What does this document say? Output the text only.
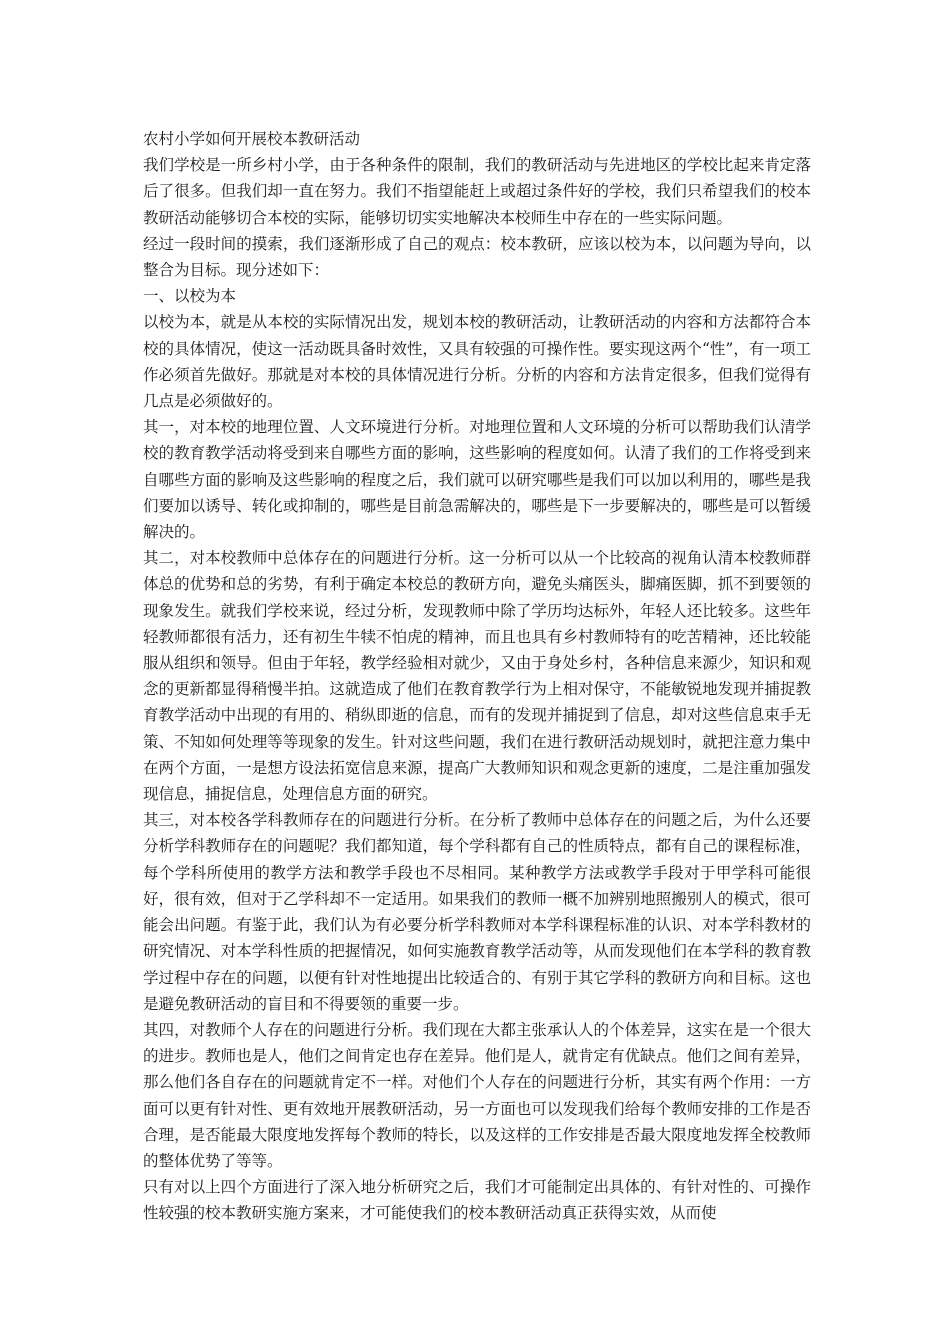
农村小学如何开展校本教研活动

我们学校是一所乡村小学，由于各种条件的限制，我们的教研活动与先进地区的学校比起来肯定落后了很多。但我们却一直在努力。我们不指望能赶上或超过条件好的学校，我们只希望我们的校本教研活动能够切合本校的实际，能够切切实实地解决本校师生中存在的一些实际问题。

经过一段时间的摸索，我们逐渐形成了自己的观点：校本教研，应该以校为本，以问题为导向，以整合为目标。现分述如下：

一、以校为本

以校为本，就是从本校的实际情况出发，规划本校的教研活动，让教研活动的内容和方法都符合本校的具体情况，使这一活动既具备时效性，又具有较强的可操作性。要实现这两个“性”，有一项工作必须首先做好。那就是对本校的具体情况进行分析。分析的内容和方法肯定很多，但我们觉得有几点是必须做好的。

其一，对本校的地理位置、人文环境进行分析。对地理位置和人文环境的分析可以帮助我们认清学校的教育教学活动将受到来自哪些方面的影响，这些影响的程度如何。认清了我们的工作将受到来自哪些方面的影响及这些影响的程度之后，我们就可以研究哪些是我们可以加以利用的，哪些是我们要加以诱导、转化或抑制的，哪些是目前急需解决的，哪些是下一步要解决的，哪些是可以暂缓解决的。

其二，对本校教师中总体存在的问题进行分析。这一分析可以从一个比较高的视角认清本校教师群体总的优势和总的劣势，有利于确定本校总的教研方向，避免头痛医头，脚痛医脚，抓不到要领的现象发生。就我们学校来说，经过分析，发现教师中除了学历均达标外，年轻人还比较多。这些年轻教师都很有活力，还有初生牛犊不怕虎的精神，而且也具有乡村教师特有的吃苦精神，还比较能服从组织和领导。但由于年轻，教学经验相对就少，又由于身处乡村，各种信息来源少，知识和观念的更新都显得稍慢半拍。这就造成了他们在教育教学行为上相对保守，不能敏锐地发现并捕捉教育教学活动中出现的有用的、稍纵即逝的信息，而有的发现并捕捉到了信息，却对这些信息束手无策、不知如何处理等等现象的发生。针对这些问题，我们在进行教研活动规划时，就把注意力集中在两个方面，一是想方设法拓宽信息来源，提高广大教师知识和观念更新的速度，二是注重加强发现信息，捕捉信息，处理信息方面的研究。

其三，对本校各学科教师存在的问题进行分析。在分析了教师中总体存在的问题之后，为什么还要分析学科教师存在的问题呢？我们都知道，每个学科都有自己的性质特点，都有自己的课程标准，每个学科所使用的教学方法和教学手段也不尽相同。某种教学方法或教学手段对于甲学科可能很好，很有效，但对于乙学科却不一定适用。如果我们的教师一概不加辨别地照搬别人的模式，很可能会出问题。有鉴于此，我们认为有必要分析学科教师对本学科课程标准的认识、对本学科教材的研究情况、对本学科性质的把握情况，如何实施教育教学活动等，从而发现他们在本学科的教育教学过程中存在的问题，以便有针对性地提出比较适合的、有别于其它学科的教研方向和目标。这也是避免教研活动的盲目和不得要领的重要一步。

其四，对教师个人存在的问题进行分析。我们现在大都主张承认人的个体差异，这实在是一个很大的进步。教师也是人，他们之间肯定也存在差异。他们是人，就肯定有优缺点。他们之间有差异，那么他们各自存在的问题就肯定不一样。对他们个人存在的问题进行分析，其实有两个作用：一方面可以更有针对性、更有效地开展教研活动，另一方面也可以发现我们给每个教师安排的工作是否合理，是否能最大限度地发挥每个教师的特长，以及这样的工作安排是否最大限度地发挥全校教师的整体优势了等等。

只有对以上四个方面进行了深入地分析研究之后，我们才可能制定出具体的、有针对性的、可操作性较强的校本教研实施方案来，才可能使我们的校本教研活动真正获得实效，从而使
